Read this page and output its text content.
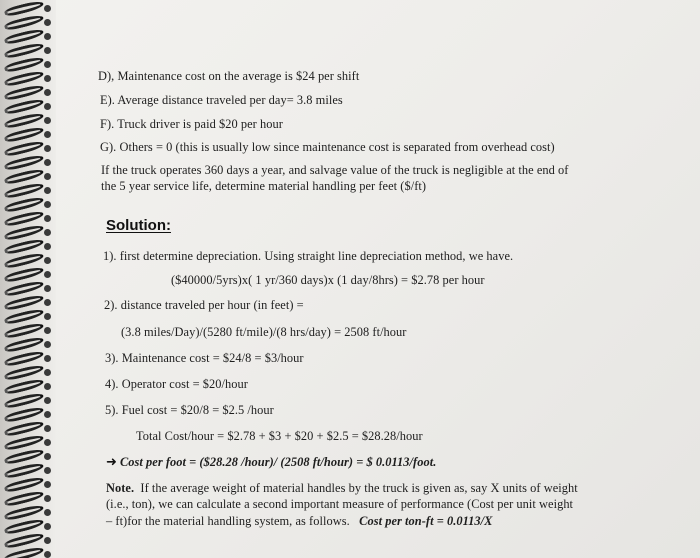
D), Maintenance cost on the average is $24 per shift
E). Average distance traveled per day= 3.8 miles
F). Truck driver is paid $20 per hour
G). Others = 0 (this is usually low since maintenance cost is separated from overhead cost)
If the truck operates 360 days a year, and salvage value of the truck is negligible at the end of
the 5 year service life, determine material handling per feet ($/ft)
Solution:
1). first determine depreciation. Using straight line depreciation method, we have.
($40000/5yrs)x( 1 yr/360 days)x (1 day/8hrs) = $2.78 per hour
2). distance traveled per hour (in feet) =
(3.8 miles/Day)/(5280 ft/mile)/(8 hrs/day) = 2508 ft/hour
3). Maintenance cost = $24/8 = $3/hour
4). Operator cost = $20/hour
5). Fuel cost = $20/8 = $2.5 /hour
Total Cost/hour = $2.78 + $3 + $20 + $2.5 = $28.28/hour
➜ Cost per foot = ($28.28 /hour)/ (2508 ft/hour) = $ 0.0113/foot.
Note. If the average weight of material handles by the truck is given as, say X units of weight
(i.e., ton), we can calculate a second important measure of performance (Cost per unit weight
– ft)for the material handling system, as follows. Cost per ton-ft = 0.0113/X
